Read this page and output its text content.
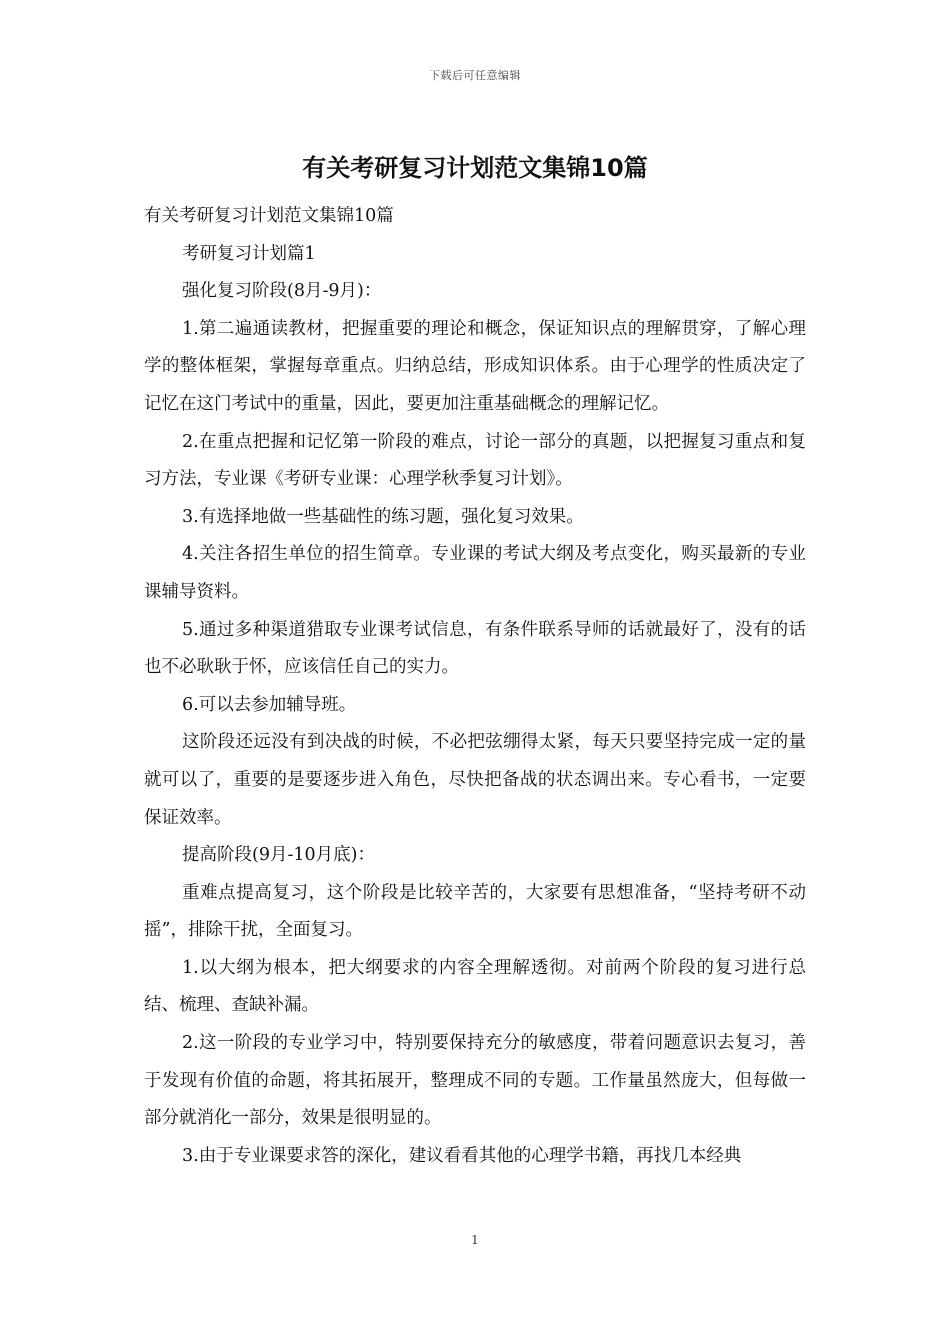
下载后可任意编辑
有关考研复习计划范文集锦10篇

有关考研复习计划范文集锦10篇

考研复习计划篇1

强化复习阶段(8月-9月)：

1.第二遍通读教材，把握重要的理论和概念，保证知识点的理解贯穿，了解心理学的整体框架，掌握每章重点。归纳总结，形成知识体系。由于心理学的性质决定了记忆在这门考试中的重量，因此，要更加注重基础概念的理解记忆。

2.在重点把握和记忆第一阶段的难点，讨论一部分的真题，以把握复习重点和复习方法，专业课《考研专业课：心理学秋季复习计划》。

3.有选择地做一些基础性的练习题，强化复习效果。

4.关注各招生单位的招生简章。专业课的考试大纲及考点变化，购买最新的专业课辅导资料。

5.通过多种渠道猎取专业课考试信息，有条件联系导师的话就最好了，没有的话也不必耿耿于怀，应该信任自己的实力。

6.可以去参加辅导班。

这阶段还远没有到决战的时候，不必把弦绷得太紧，每天只要坚持完成一定的量就可以了，重要的是要逐步进入角色，尽快把备战的状态调出来。专心看书，一定要保证效率。

提高阶段(9月-10月底)：

重难点提高复习，这个阶段是比较辛苦的，大家要有思想准备，“坚持考研不动摇”，排除干扰，全面复习。

1.以大纲为根本，把大纲要求的内容全理解透彻。对前两个阶段的复习进行总结、梳理、查缺补漏。

2.这一阶段的专业学习中，特别要保持充分的敏感度，带着问题意识去复习，善于发现有价值的命题，将其拓展开，整理成不同的专题。工作量虽然庞大，但每做一部分就消化一部分，效果是很明显的。

3.由于专业课要求答的深化，建议看看其他的心理学书籍，再找几本经典

1
